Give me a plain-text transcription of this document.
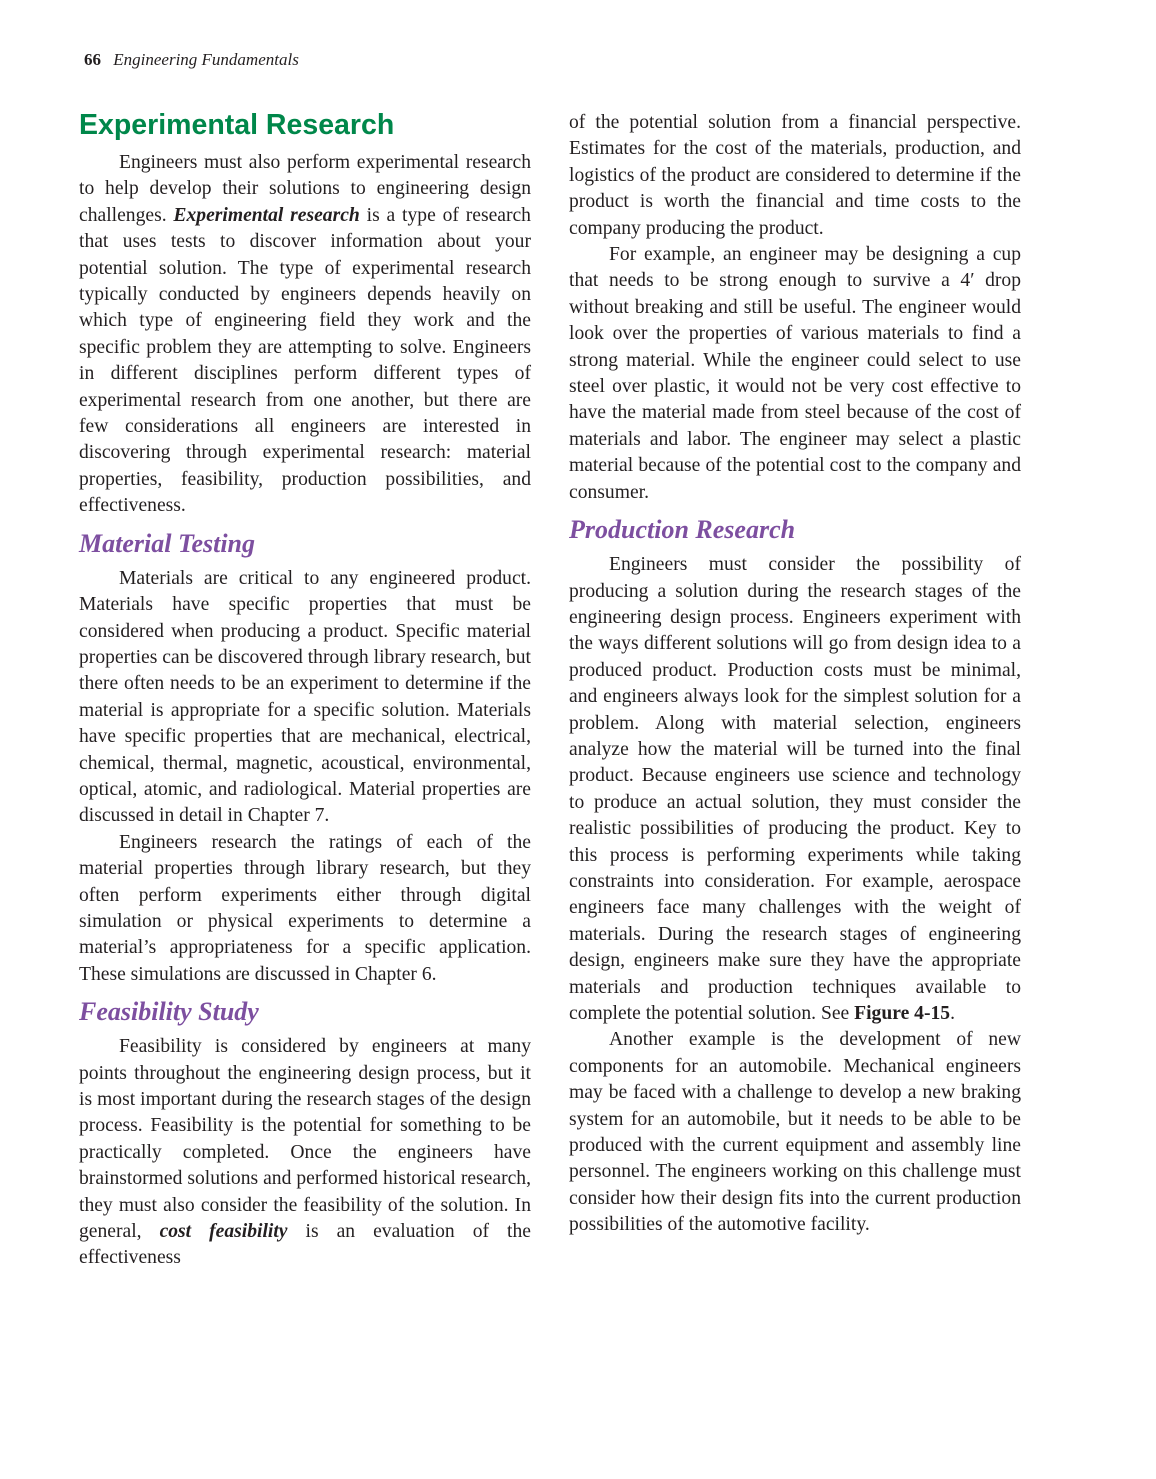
66 Engineering Fundamentals
Experimental Research

Engineers must also perform experimental research to help develop their solutions to engineering design challenges. Experimental research is a type of research that uses tests to discover information about your potential solution. The type of experimental research typically conducted by engineers depends heavily on which type of engineering field they work and the specific problem they are attempting to solve. Engineers in different disciplines perform different types of experimental research from one another, but there are few considerations all engineers are interested in discovering through experimental research: material properties, feasibility, production possibilities, and effectiveness.

Material Testing

Materials are critical to any engineered product. Materials have specific properties that must be considered when producing a product. Specific material properties can be discovered through library research, but there often needs to be an experiment to determine if the material is appropriate for a specific solution. Materials have specific properties that are mechanical, electrical, chemical, thermal, magnetic, acoustical, environmental, optical, atomic, and radiological. Material properties are discussed in detail in Chapter 7.

Engineers research the ratings of each of the material properties through library research, but they often perform experiments either through digital simulation or physical experiments to determine a material’s appropriateness for a specific application. These simulations are discussed in Chapter 6.

Feasibility Study

Feasibility is considered by engineers at many points throughout the engineering design process, but it is most important during the research stages of the design process. Feasibility is the potential for something to be practically completed. Once the engineers have brainstormed solutions and performed historical research, they must also consider the feasibility of the solution. In general, cost feasibility is an evaluation of the effectiveness

of the potential solution from a financial perspective. Estimates for the cost of the materials, production, and logistics of the product are considered to determine if the product is worth the financial and time costs to the company producing the product.

For example, an engineer may be designing a cup that needs to be strong enough to survive a 4′ drop without breaking and still be useful. The engineer would look over the properties of various materials to find a strong material. While the engineer could select to use steel over plastic, it would not be very cost effective to have the material made from steel because of the cost of materials and labor. The engineer may select a plastic material because of the potential cost to the company and consumer.

Production Research

Engineers must consider the possibility of producing a solution during the research stages of the engineering design process. Engineers experiment with the ways different solutions will go from design idea to a produced product. Production costs must be minimal, and engineers always look for the simplest solution for a problem. Along with material selection, engineers analyze how the material will be turned into the final product. Because engineers use science and technology to produce an actual solution, they must consider the realistic possibilities of producing the product. Key to this process is performing experiments while taking constraints into consideration. For example, aerospace engineers face many challenges with the weight of materials. During the research stages of engineering design, engineers make sure they have the appropriate materials and production techniques available to complete the potential solution. See Figure 4-15.

Another example is the development of new components for an automobile. Mechanical engineers may be faced with a challenge to develop a new braking system for an automobile, but it needs to be able to be produced with the current equipment and assembly line personnel. The engineers working on this challenge must consider how their design fits into the current production possibilities of the automotive facility.
